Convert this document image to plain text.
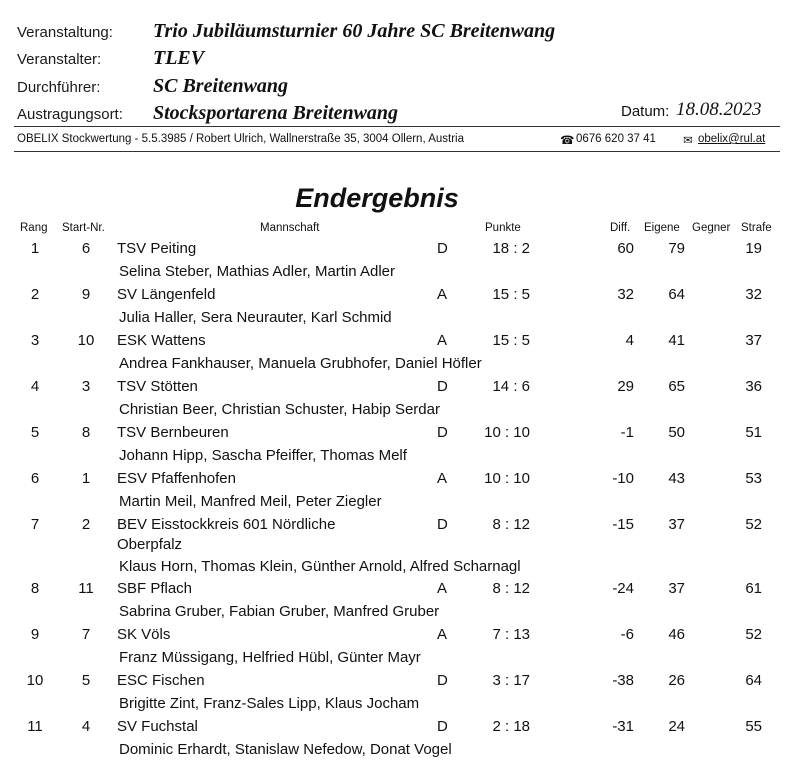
Veranstaltung: Trio Jubiläumsturnier 60 Jahre SC Breitenwang
Veranstalter:	TLEV
Durchführer:	SC Breitenwang
Austragungsort: Stocksportarena Breitenwang	Datum: 18.08.2023
OBELIX Stockwertung - 5.5.3985 / Robert Ulrich, Wallnerstraße 35, 3004 Ollern, Austria	☎ 0676 620 37 41 ✉ obelix@rul.at
Endergebnis
Rang Start-Nr.	Mannschaft	Punkte	Diff. Eigene Gegner Strafe
1	6	TSV Peiting	D	18 : 2	60	79	19
Selina Steber, Mathias Adler, Martin Adler
2	9	SV Längenfeld	A	15 : 5	32	64	32
Julia Haller, Sera Neurauter, Karl Schmid
3	10 ESK Wattens	A	15 : 5	4	41	37
Andrea Fankhauser, Manuela Grubhofer, Daniel Höfler
4	3	TSV Stötten	D	14 : 6	29	65	36
Christian Beer, Christian Schuster, Habip Serdar
5	8	TSV Bernbeuren	D	10 : 10	-1	50	51
Johann Hipp, Sascha Pfeiffer, Thomas Melf
6	1	ESV Pfaffenhofen	A	10 : 10	-10	43	53
Martin Meil, Manfred Meil, Peter Ziegler
7	2	BEV Eisstockkreis 601 Nördliche	D	8 : 12	-15	37	52
Oberpfalz
Klaus Horn, Thomas Klein, Günther Arnold, Alfred Scharnagl
8	11 SBF Pflach	A	8 : 12	-24	37	61
Sabrina Gruber, Fabian Gruber, Manfred Gruber
9	7	SK Völs	A	7 : 13	-6	46	52
Franz Müssigang, Helfried Hübl, Günter Mayr
10	5	ESC Fischen	D	3 : 17	-38	26	64
Brigitte Zint, Franz-Sales Lipp, Klaus Jocham
11	4	SV Fuchstal	D	2 : 18	-31	24	55
Dominic Erhardt, Stanislaw Nefedow, Donat Vogel
